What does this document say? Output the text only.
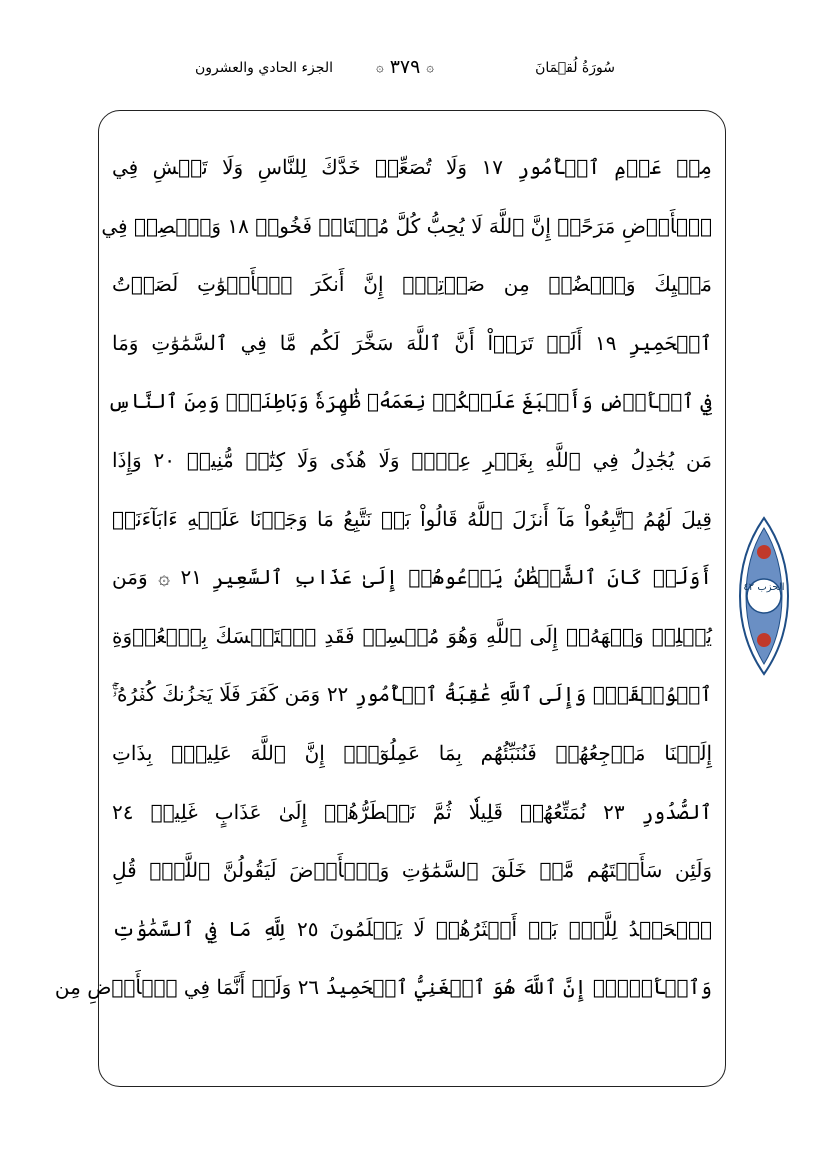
سُورَةُ لُقۡمَانَ
۞ ٣٧٩ ۞
الجزء الحادي والعشرون
مِنۡ عَزۡمِ ٱلۡأُمُورِ ١٧ وَلَا تُصَعِّرۡ خَدَّكَ لِلنَّاسِ وَلَا تَمۡشِ فِي
ٱلۡأَرۡضِ مَرَحًاۖ إِنَّ ٱللَّهَ لَا يُحِبُّ كُلَّ مُخۡتَالٖ فَخُورٖ ١٨ وَٱقۡصِدۡ فِي
مَشۡيِكَ وَٱغۡضُضۡ مِن صَوۡتِكَۚ إِنَّ أَنكَرَ ٱلۡأَصۡوَٰتِ لَصَوۡتُ
ٱلۡحَمِيرِ ١٩ أَلَمۡ تَرَوۡاْ أَنَّ ٱللَّهَ سَخَّرَ لَكُم مَّا فِي ٱلسَّمَٰوَٰتِ وَمَا
فِي ٱلۡأَرۡضِ وَأَسۡبَغَ عَلَيۡكُمۡ نِعَمَهُۥ ظَٰهِرَةٗ وَبَاطِنَةٗۗ وَمِنَ ٱلنَّاسِ
مَن يُجَٰدِلُ فِي ٱللَّهِ بِغَيۡرِ عِلۡمٖ وَلَا هُدٗى وَلَا كِتَٰبٖ مُّنِيرٖ ٢٠ وَإِذَا
قِيلَ لَهُمُ ٱتَّبِعُواْ مَآ أَنزَلَ ٱللَّهُ قَالُواْ بَلۡ نَتَّبِعُ مَا وَجَدۡنَا عَلَيۡهِ ءَابَآءَنَآۚ
أَوَلَوۡ كَانَ ٱلشَّيۡطَٰنُ يَدۡعُوهُمۡ إِلَىٰ عَذَابِ ٱلسَّعِيرِ ٢١ ۞ وَمَن
يُسۡلِمۡ وَجۡهَهُۥٓ إِلَى ٱللَّهِ وَهُوَ مُحۡسِنٞ فَقَدِ ٱسۡتَمۡسَكَ بِٱلۡعُرۡوَةِ
ٱلۡوُثۡقَىٰۗ وَإِلَى ٱللَّهِ عَٰقِبَةُ ٱلۡأُمُورِ ٢٢ وَمَن كَفَرَ فَلَا يَحۡزُنكَ كُفۡرُهُۥٓۚ
إِلَيۡنَا مَرۡجِعُهُمۡ فَنُنَبِّئُهُم بِمَا عَمِلُوٓاْۚ إِنَّ ٱللَّهَ عَلِيمُۢ بِذَاتِ
ٱلصُّدُورِ ٢٣ نُمَتِّعُهُمۡ قَلِيلٗا ثُمَّ نَضۡطَرُّهُمۡ إِلَىٰ عَذَابٍ غَلِيظٖ ٢٤
وَلَئِن سَأَلۡتَهُم مَّنۡ خَلَقَ ٱلسَّمَٰوَٰتِ وَٱلۡأَرۡضَ لَيَقُولُنَّ ٱللَّهُۚ قُلِ
ٱلۡحَمۡدُ لِلَّهِۚ بَلۡ أَكۡثَرُهُمۡ لَا يَعۡلَمُونَ ٢٥ لِلَّهِ مَا فِي ٱلسَّمَٰوَٰتِ
وَٱلۡأَرۡضِۚ إِنَّ ٱللَّهَ هُوَ ٱلۡغَنِيُّ ٱلۡحَمِيدُ ٢٦ وَلَوۡ أَنَّمَا فِي ٱلۡأَرۡضِ مِن
الحزب ٤٢
